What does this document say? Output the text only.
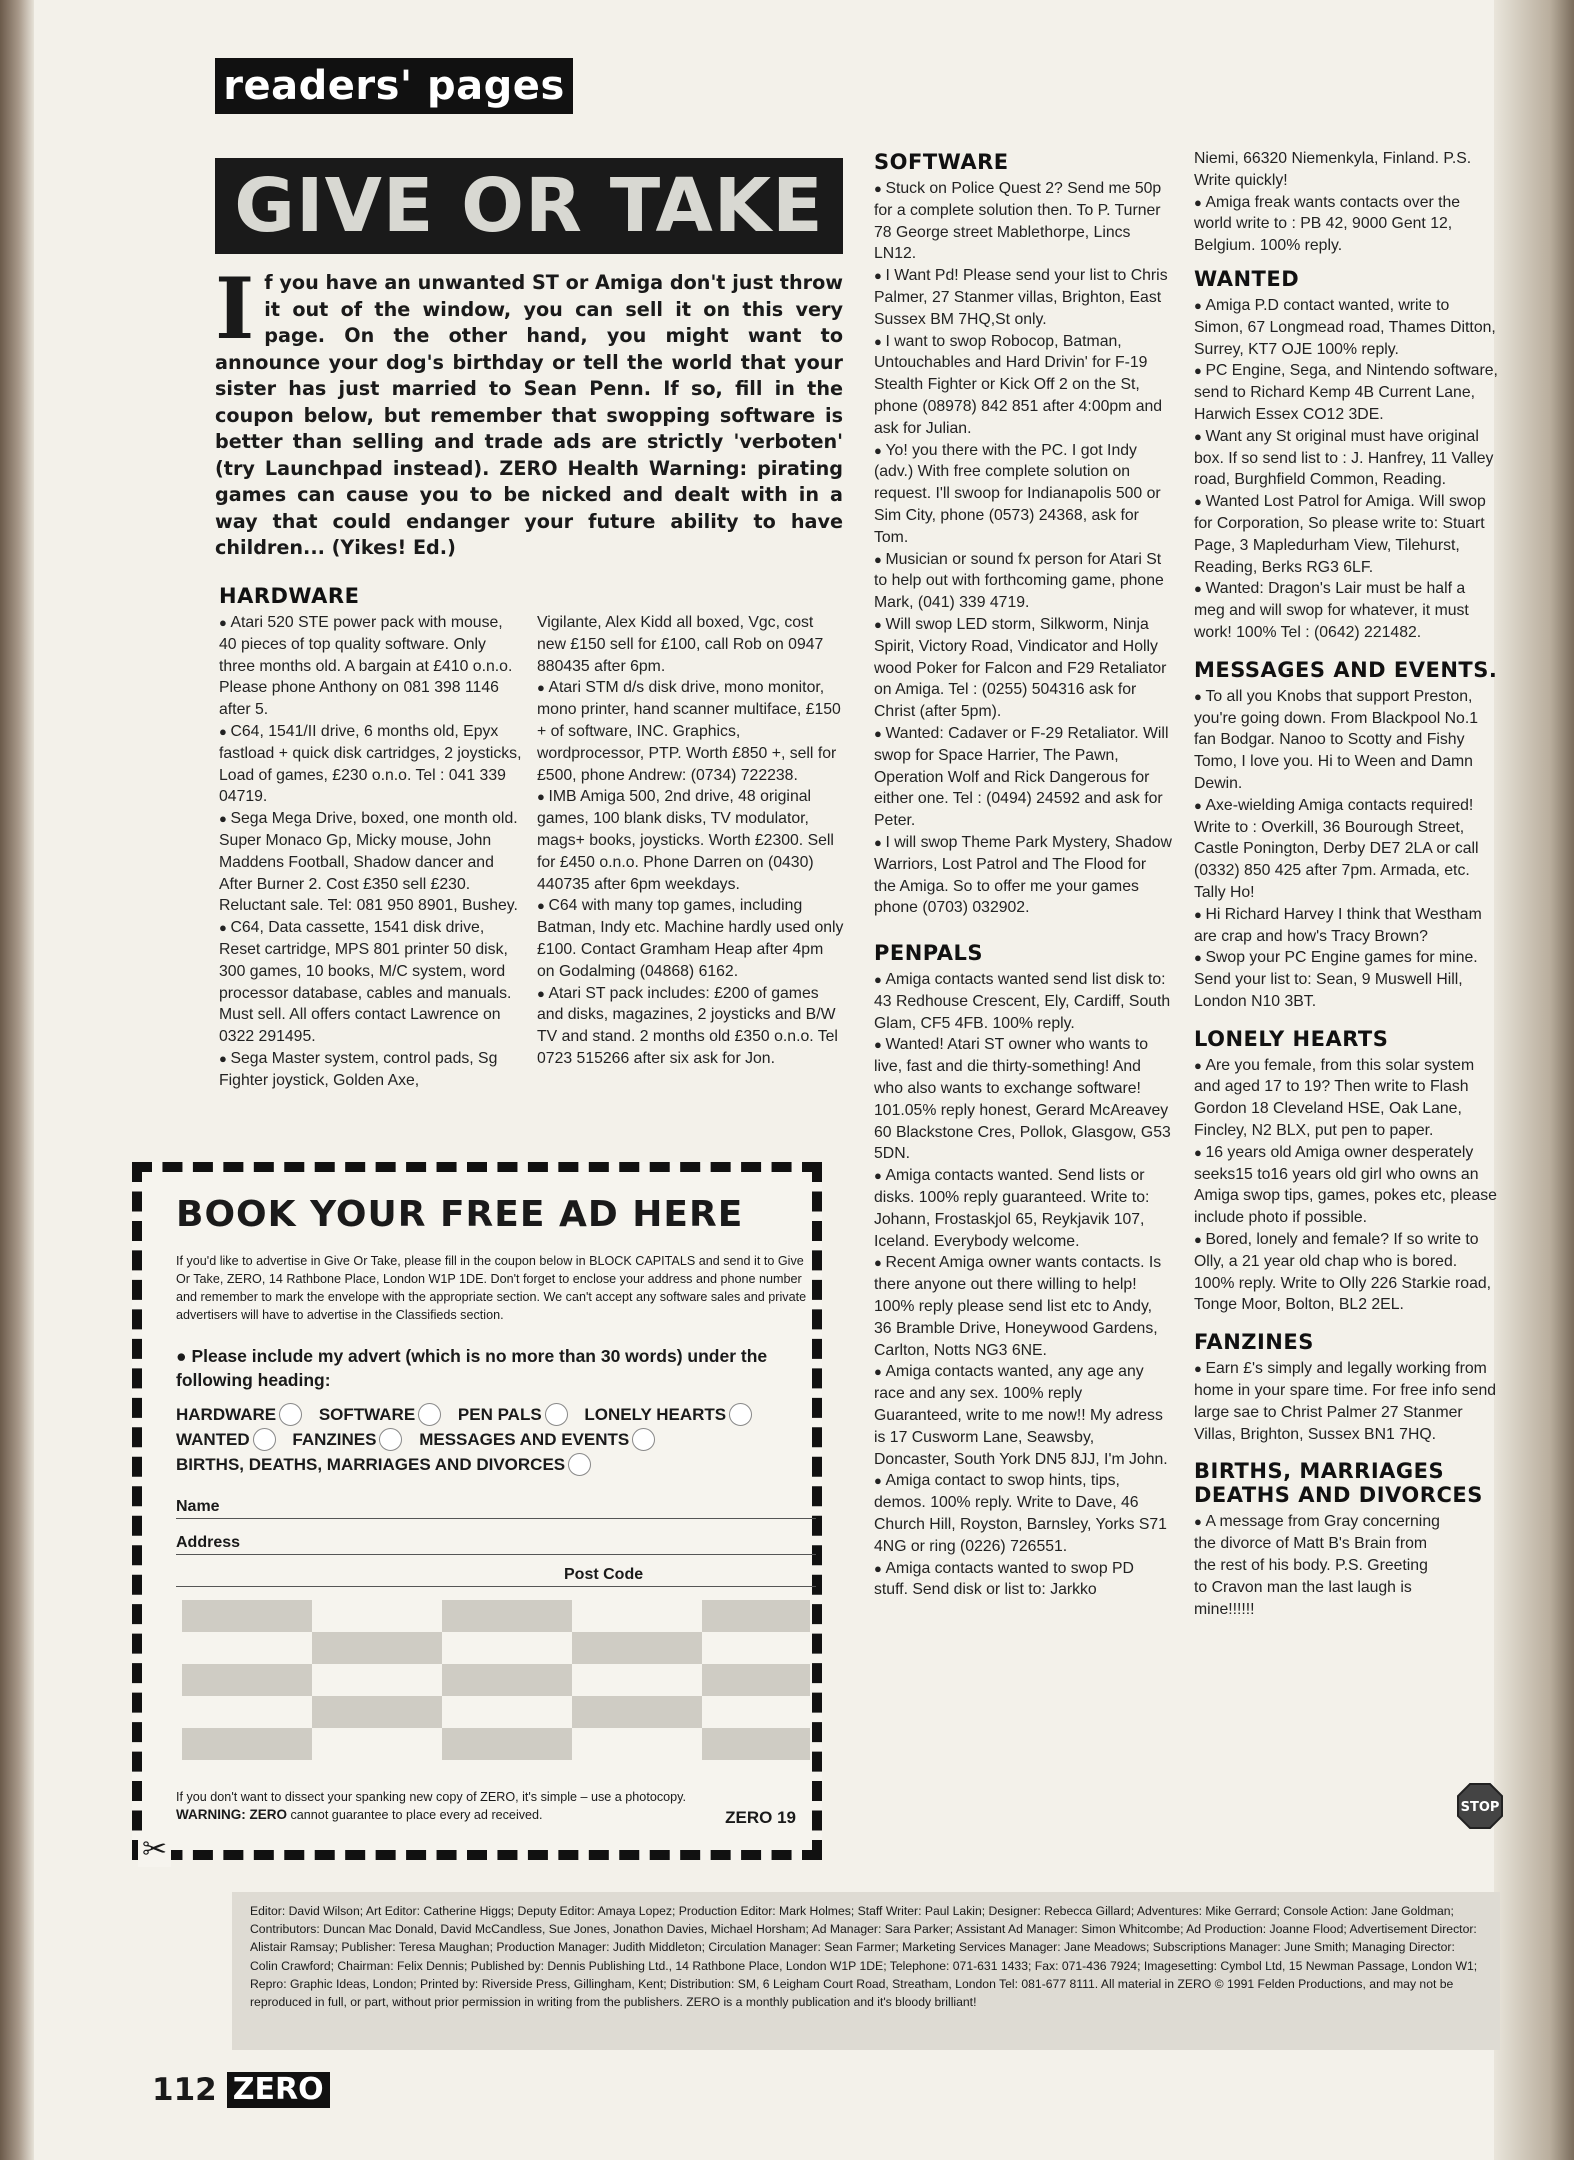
readers' pages
GIVE OR TAKE
I f you have an unwanted ST or Amiga don't just throw it out of the window, you can sell it on this very page. On the other hand, you might want to announce your dog's birthday or tell the world that your sister has just married to Sean Penn. If so, fill in the coupon below, but remember that swopping software is better than selling and trade ads are strictly 'verboten' (try Launchpad instead). ZERO Health Warning: pirating games can cause you to be nicked and dealt with in a way that could endanger your future ability to have children... (Yikes! Ed.)
HARDWARE

● Atari 520 STE power pack with mouse, 40 pieces of top quality software. Only three months old. A bargain at £410 o.n.o. Please phone Anthony on 081 398 1146 after 5.

● C64, 1541/II drive, 6 months old, Epyx fastload + quick disk cartridges, 2 joysticks, Load of games, £230 o.n.o. Tel : 041 339 04719.

● Sega Mega Drive, boxed, one month old. Super Monaco Gp, Micky mouse, John Maddens Football, Shadow dancer and After Burner 2. Cost £350 sell £230. Reluctant sale. Tel: 081 950 8901, Bushey.

● C64, Data cassette, 1541 disk drive, Reset cartridge, MPS 801 printer 50 disk, 300 games, 10 books, M/C system, word processor database, cables and manuals. Must sell. All offers contact Lawrence on 0322 291495.

● Sega Master system, control pads, Sg Fighter joystick, Golden Axe,

Vigilante, Alex Kidd all boxed, Vgc, cost new £150 sell for £100, call Rob on 0947 880435 after 6pm.

● Atari STM d/s disk drive, mono monitor, mono printer, hand scanner multiface, £150 + of software, INC. Graphics, wordprocessor, PTP. Worth £850 +, sell for £500, phone Andrew: (0734) 722238.

● IMB Amiga 500, 2nd drive, 48 original games, 100 blank disks, TV modulator, mags+ books, joysticks. Worth £2300. Sell for £450 o.n.o. Phone Darren on (0430) 440735 after 6pm weekdays.

● C64 with many top games, including Batman, Indy etc. Machine hardly used only £100. Contact Gramham Heap after 4pm on Godalming (04868) 6162.

● Atari ST pack includes: £200 of games and disks, magazines, 2 joysticks and B/W TV and stand. 2 months old £350 o.n.o. Tel 0723 515266 after six ask for Jon.

SOFTWARE

● Stuck on Police Quest 2? Send me 50p for a complete solution then. To P. Turner 78 George street Mablethorpe, Lincs LN12.

● I Want Pd! Please send your list to Chris Palmer, 27 Stanmer villas, Brighton, East Sussex BM 7HQ,St only.

● I want to swop Robocop, Batman, Untouchables and Hard Drivin' for F-19 Stealth Fighter or Kick Off 2 on the St, phone (08978) 842 851 after 4:00pm and ask for Julian.

● Yo! you there with the PC. I got Indy (adv.) With free complete solution on request. I'll swoop for Indianapolis 500 or Sim City, phone (0573) 24368, ask for Tom.

● Musician or sound fx person for Atari St to help out with forthcoming game, phone Mark, (041) 339 4719.

● Will swop LED storm, Silkworm, Ninja Spirit, Victory Road, Vindicator and Holly wood Poker for Falcon and F29 Retaliator on Amiga. Tel : (0255) 504316 ask for Christ (after 5pm).

● Wanted: Cadaver or F-29 Retaliator. Will swop for Space Harrier, The Pawn, Operation Wolf and Rick Dangerous for either one. Tel : (0494) 24592 and ask for Peter.

● I will swop Theme Park Mystery, Shadow Warriors, Lost Patrol and The Flood for the Amiga. So to offer me your games phone (0703) 032902.

PENPALS

● Amiga contacts wanted send list disk to: 43 Redhouse Crescent, Ely, Cardiff, South Glam, CF5 4FB. 100% reply.

● Wanted! Atari ST owner who wants to live, fast and die thirty-something! And who also wants to exchange software! 101.05% reply honest, Gerard McAreavey 60 Blackstone Cres, Pollok, Glasgow, G53 5DN.

● Amiga contacts wanted. Send lists or disks. 100% reply guaranteed. Write to: Johann, Frostaskjol 65, Reykjavik 107, Iceland. Everybody welcome.

● Recent Amiga owner wants contacts. Is there anyone out there willing to help! 100% reply please send list etc to Andy, 36 Bramble Drive, Honeywood Gardens, Carlton, Notts NG3 6NE.

● Amiga contacts wanted, any age any race and any sex. 100% reply Guaranteed, write to me now!! My adress is 17 Cusworm Lane, Seawsby, Doncaster, South York DN5 8JJ, I'm John.

● Amiga contact to swop hints, tips, demos. 100% reply. Write to Dave, 46 Church Hill, Royston, Barnsley, Yorks S71 4NG or ring (0226) 726551.

● Amiga contacts wanted to swop PD stuff. Send disk or list to: Jarkko

Niemi, 66320 Niemenkyla, Finland. P.S. Write quickly!

● Amiga freak wants contacts over the world write to : PB 42, 9000 Gent 12, Belgium. 100% reply.

WANTED

● Amiga P.D contact wanted, write to Simon, 67 Longmead road, Thames Ditton, Surrey, KT7 OJE 100% reply.

● PC Engine, Sega, and Nintendo software, send to Richard Kemp 4B Current Lane, Harwich Essex CO12 3DE.

● Want any St original must have original box. If so send list to : J. Hanfrey, 11 Valley road, Burghfield Common, Reading.

● Wanted Lost Patrol for Amiga. Will swop for Corporation, So please write to: Stuart Page, 3 Mapledurham View, Tilehurst, Reading, Berks RG3 6LF.

● Wanted: Dragon's Lair must be half a meg and will swop for whatever, it must work! 100% Tel : (0642) 221482.

MESSAGES AND EVENTS.

● To all you Knobs that support Preston, you're going down. From Blackpool No.1 fan Bodgar. Nanoo to Scotty and Fishy Tomo, I love you. Hi to Ween and Damn Dewin.

● Axe-wielding Amiga contacts required! Write to : Overkill, 36 Bourough Street, Castle Ponington, Derby DE7 2LA or call (0332) 850 425 after 7pm. Armada, etc. Tally Ho!

● Hi Richard Harvey I think that Westham are crap and how's Tracy Brown?

● Swop your PC Engine games for mine. Send your list to: Sean, 9 Muswell Hill, London N10 3BT.

LONELY HEARTS

● Are you female, from this solar system and aged 17 to 19? Then write to Flash Gordon 18 Cleveland HSE, Oak Lane, Fincley, N2 BLX, put pen to paper.

● 16 years old Amiga owner desperately seeks15 to16 years old girl who owns an Amiga swop tips, games, pokes etc, please include photo if possible.

● Bored, lonely and female? If so write to Olly, a 21 year old chap who is bored. 100% reply. Write to Olly 226 Starkie road, Tonge Moor, Bolton, BL2 2EL.

FANZINES

● Earn £'s simply and legally working from home in your spare time. For free info send large sae to Christ Palmer 27 Stanmer Villas, Brighton, Sussex BN1 7HQ.

BIRTHS, MARRIAGES DEATHS AND DIVORCES

● A message from Gray concerning the divorce of Matt B's Brain from the rest of his body. P.S. Greeting to Cravon man the last laugh is mine!!!!!!

STOP
BOOK YOUR FREE AD HERE
If you'd like to advertise in Give Or Take, please fill in the coupon below in BLOCK CAPITALS and send it to Give Or Take, ZERO, 14 Rathbone Place, London W1P 1DE. Don't forget to enclose your address and phone number and remember to mark the envelope with the appropriate section. We can't accept any software sales and private advertisers will have to advertise in the Classifieds section.
● Please include my advert (which is no more than 30 words) under the following heading:
HARDWARE
	SOFTWARE
	PEN PALS
	LONELY HEARTS

WANTED
	FANZINES
	MESSAGES AND EVENTS

BIRTHS, DEATHS, MARRIAGES AND DIVORCES
Name
Address
Post Code
If you don't want to dissect your spanking new copy of ZERO, it's simple – use a photocopy.
WARNING: ZERO cannot guarantee to place every ad received.	ZERO 19
✂
Editor: David Wilson; Art Editor: Catherine Higgs; Deputy Editor: Amaya Lopez; Production Editor: Mark Holmes; Staff Writer: Paul Lakin; Designer: Rebecca Gillard; Adventures: Mike Gerrard; Console Action: Jane Goldman; Contributors: Duncan Mac Donald, David McCandless, Sue Jones, Jonathon Davies, Michael Horsham; Ad Manager: Sara Parker; Assistant Ad Manager: Simon Whitcombe; Ad Production: Joanne Flood; Advertisement Director: Alistair Ramsay; Publisher: Teresa Maughan; Production Manager: Judith Middleton; Circulation Manager: Sean Farmer; Marketing Services Manager: Jane Meadows; Subscriptions Manager: June Smith; Managing Director: Colin Crawford; Chairman: Felix Dennis; Published by: Dennis Publishing Ltd., 14 Rathbone Place, London W1P 1DE; Telephone: 071-631 1433; Fax: 071-436 7924; Imagesetting: Cymbol Ltd, 15 Newman Passage, London W1; Repro: Graphic Ideas, London; Printed by: Riverside Press, Gillingham, Kent; Distribution: SM, 6 Leigham Court Road, Streatham, London Tel: 081-677 8111. All material in ZERO © 1991 Felden Productions, and may not be reproduced in full, or part, without prior permission in writing from the publishers. ZERO is a monthly publication and it's bloody brilliant!
112 ZERO
